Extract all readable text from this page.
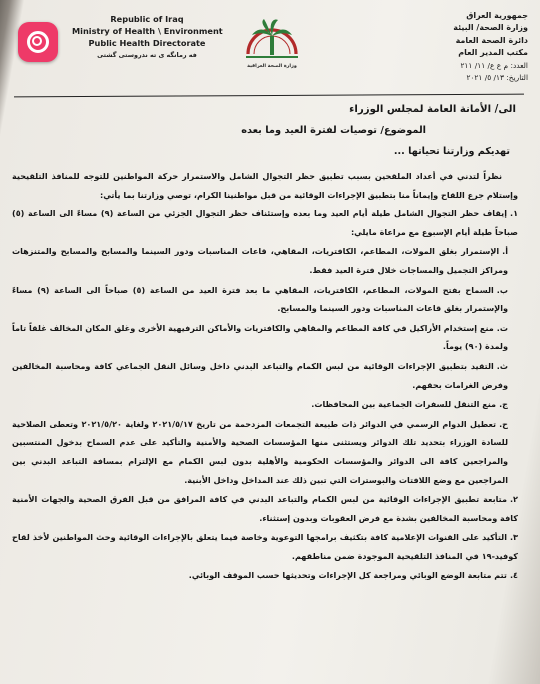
Republic of Iraq
Ministry of Health \ Environment
Public Health Directorate
فه رمانگه ی ته ندروستی گشتی
وزارة الصحة العراقية
جمهورية العراق
وزارة الصحة/ البيئة
دائرة الصحة العامة
مكتب المدير العام
العدد: م ع ع/ ١١/ ٢١١
التاريخ: ١٣/ ٥/ ٢٠٢١
الى/ الأمانة العامة لمجلس الوزراء
الموضوع/ توصيات لفترة العيد وما بعده
تهديكم وزارتنا تحياتها ...
نظراً لتدني في أعداد الملقحين بسبب تطبيق حظر التجوال الشامل والاستمرار حركة المواطنين للتوجه للمنافذ التلقيحية وإستلام جرع اللقاح وإيماناً منا بتطبيق الإجراءات الوقائية من قبل مواطنينا الكرام، توصي وزارتنا بما يأتي:
١.إيقاف حظر التجوال الشامل طيلة أيام العيد وما بعده وإستئناف حظر التجوال الجزئي من الساعة (٩) مساءً الى الساعة (٥) صباحاً طيلة أيام الإسبوع مع مراعاة مايلي:
أ.الإستمرار بغلق المولات، المطاعم، الكافتريات، المقاهي، قاعات المناسبات ودور السينما والمسابح والمسابح والمتنزهات ومراكز التجميل والمساجات خلال فترة العيد فقط.
ب.السماح بفتح المولات، المطاعم، الكافتريات، المقاهي ما بعد فترة العيد من الساعة (٥) صباحاً الى الساعة (٩) مساءً والإستمرار بغلق قاعات المناسبات ودور السينما والمسابح.
ت.منع إستخدام الأراكيل في كافة المطاعم والمقاهي والكافتريات والأماكن الترفيهية الأخرى وغلق المكان المخالف غلقاً تاماً ولمدة (٩٠) يوماً.
ث.التقيد بتطبيق الإجراءات الوقائية من لبس الكمام والتباعد البدني داخل وسائل النقل الجماعي كافة ومحاسبة المخالفين وفرض الغرامات بحقهم.
ج.منع التنقل للسفرات الجماعية بين المحافظات.
ح.تعطيل الدوام الرسمي في الدوائر ذات طبيعة التجمعات المزدحمة من تاريخ ٢٠٢١/٥/١٧ ولغاية ٢٠٢١/٥/٢٠ وتعطى الصلاحية للسادة الوزراء بتحديد تلك الدوائر ويستثنى منها المؤسسات الصحية والأمنية والتأكيد على عدم السماح بدخول المنتسبين والمراجعين كافة الى الدوائر والمؤسسات الحكومية والأهلية بدون لبس الكمام مع الإلتزام بمسافة التباعد البدني بين المراجعين مع وضع اللافتات والبوسترات التي تبين ذلك عند المداخل وداخل الأبنية.
٢.متابعة تطبيق الإجراءات الوقائية من لبس الكمام والتباعد البدني في كافة المرافق من قبل الفرق الصحية والجهات الأمنية كافة ومحاسبة المخالفين بشدة مع فرض العقوبات وبدون إستثناء.
٣.التأكيد على القنوات الإعلامية كافة بتكثيف برامجها التوعوية وخاصة فيما يتعلق بالإجراءات الوقائية وحث المواطنين لأخذ لقاح كوفيد-١٩ في المنافذ التلقيحية الموجودة ضمن مناطقهم.
٤.تتم متابعة الوضع الوبائي ومراجعة كل الإجراءات وتحديثها حسب الموقف الوبائي.
